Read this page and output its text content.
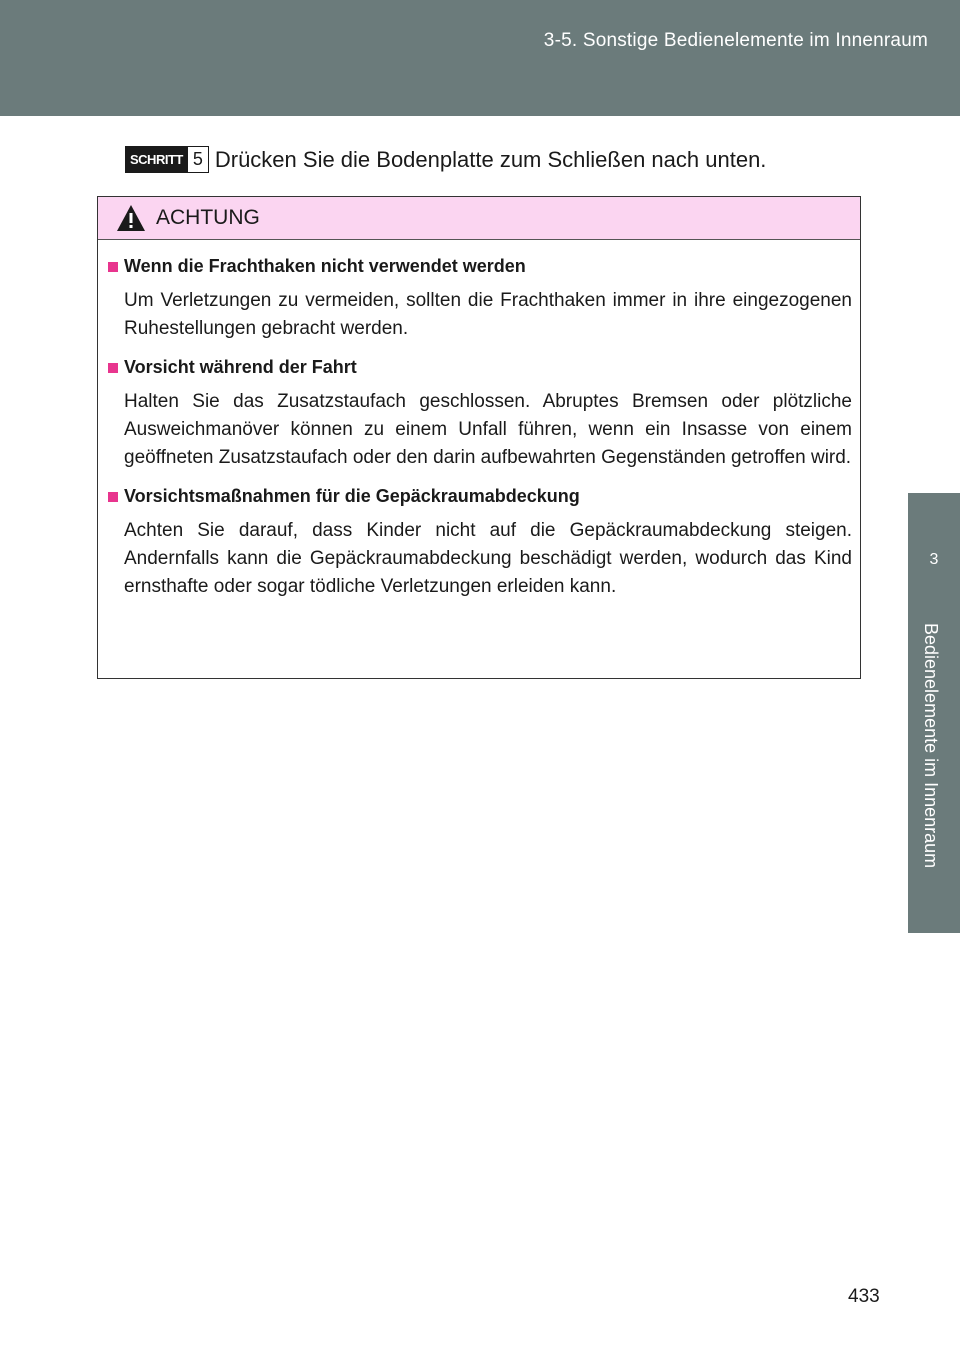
3-5. Sonstige Bedienelemente im Innenraum
3
Bedienelemente im Innenraum
SCHRITT 5 Drücken Sie die Bodenplatte zum Schließen nach unten.
ACHTUNG
Wenn die Frachthaken nicht verwendet werden

Um Verletzungen zu vermeiden, sollten die Frachthaken immer in ihre eingezogenen Ruhestellungen gebracht werden.

Vorsicht während der Fahrt

Halten Sie das Zusatzstaufach geschlossen. Abruptes Bremsen oder plötzliche Ausweichmanöver können zu einem Unfall führen, wenn ein Insasse von einem geöffneten Zusatzstaufach oder den darin aufbewahrten Gegenständen getroffen wird.

Vorsichtsmaßnahmen für die Gepäckraumabdeckung

Achten Sie darauf, dass Kinder nicht auf die Gepäckraumabdeckung steigen. Andernfalls kann die Gepäckraumabdeckung beschädigt werden, wodurch das Kind ernsthafte oder sogar tödliche Verletzungen erleiden kann.

433
